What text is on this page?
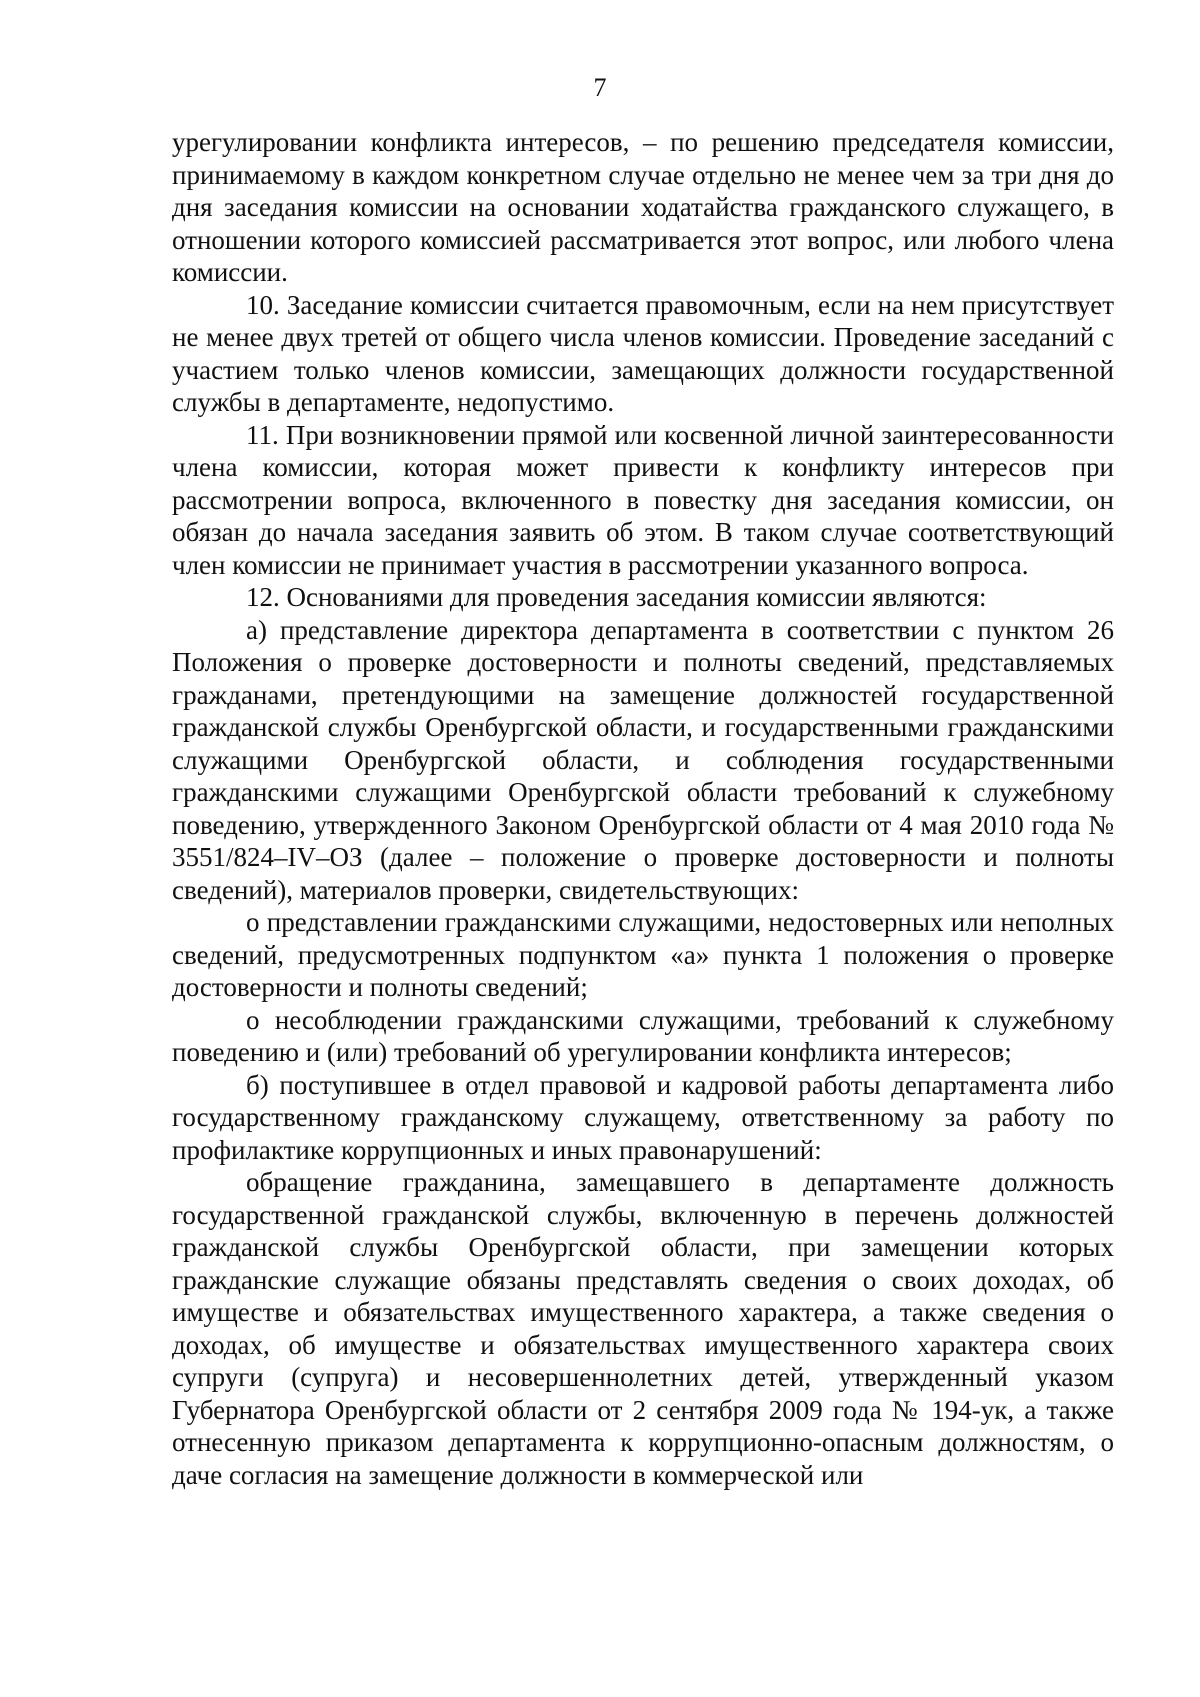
7

урегулировании конфликта интересов, – по решению председателя комиссии, принимаемому в каждом конкретном случае отдельно не менее чем за три дня до дня заседания комиссии на основании ходатайства гражданского служащего, в отношении которого комиссией рассматривается этот вопрос, или любого члена комиссии.

10. Заседание комиссии считается правомочным, если на нем присутствует не менее двух третей от общего числа членов комиссии. Проведение заседаний с участием только членов комиссии, замещающих должности государственной службы в департаменте, недопустимо.

11. При возникновении прямой или косвенной личной заинтересованности члена комиссии, которая может привести к конфликту интересов при рассмотрении вопроса, включенного в повестку дня заседания комиссии, он обязан до начала заседания заявить об этом. В таком случае соответствующий член комиссии не принимает участия в рассмотрении указанного вопроса.

12. Основаниями для проведения заседания комиссии являются:

а) представление директора департамента в соответствии с пунктом 26 Положения о проверке достоверности и полноты сведений, представляемых гражданами, претендующими на замещение должностей государственной гражданской службы Оренбургской области, и государственными гражданскими служащими Оренбургской области, и соблюдения государственными гражданскими служащими Оренбургской области требований к служебному поведению, утвержденного Законом Оренбургской области от 4 мая 2010 года № 3551/824–IV–ОЗ (далее – положение о проверке достоверности и полноты сведений), материалов проверки, свидетельствующих:

о представлении гражданскими служащими, недостоверных или неполных сведений, предусмотренных подпунктом «а» пункта 1 положения о проверке достоверности и полноты сведений;

о несоблюдении гражданскими служащими, требований к служебному поведению и (или) требований об урегулировании конфликта интересов;

б) поступившее в отдел правовой и кадровой работы департамента либо государственному гражданскому служащему, ответственному за работу по профилактике коррупционных и иных правонарушений:

обращение гражданина, замещавшего в департаменте должность государственной гражданской службы, включенную в перечень должностей гражданской службы Оренбургской области, при замещении которых гражданские служащие обязаны представлять сведения о своих доходах, об имуществе и обязательствах имущественного характера, а также сведения о доходах, об имуществе и обязательствах имущественного характера своих супруги (супруга) и несовершеннолетних детей, утвержденный указом Губернатора Оренбургской области от 2 сентября 2009 года № 194-ук, а также отнесенную приказом департамента к коррупционно-опасным должностям, о даче согласия на замещение должности в коммерческой или
